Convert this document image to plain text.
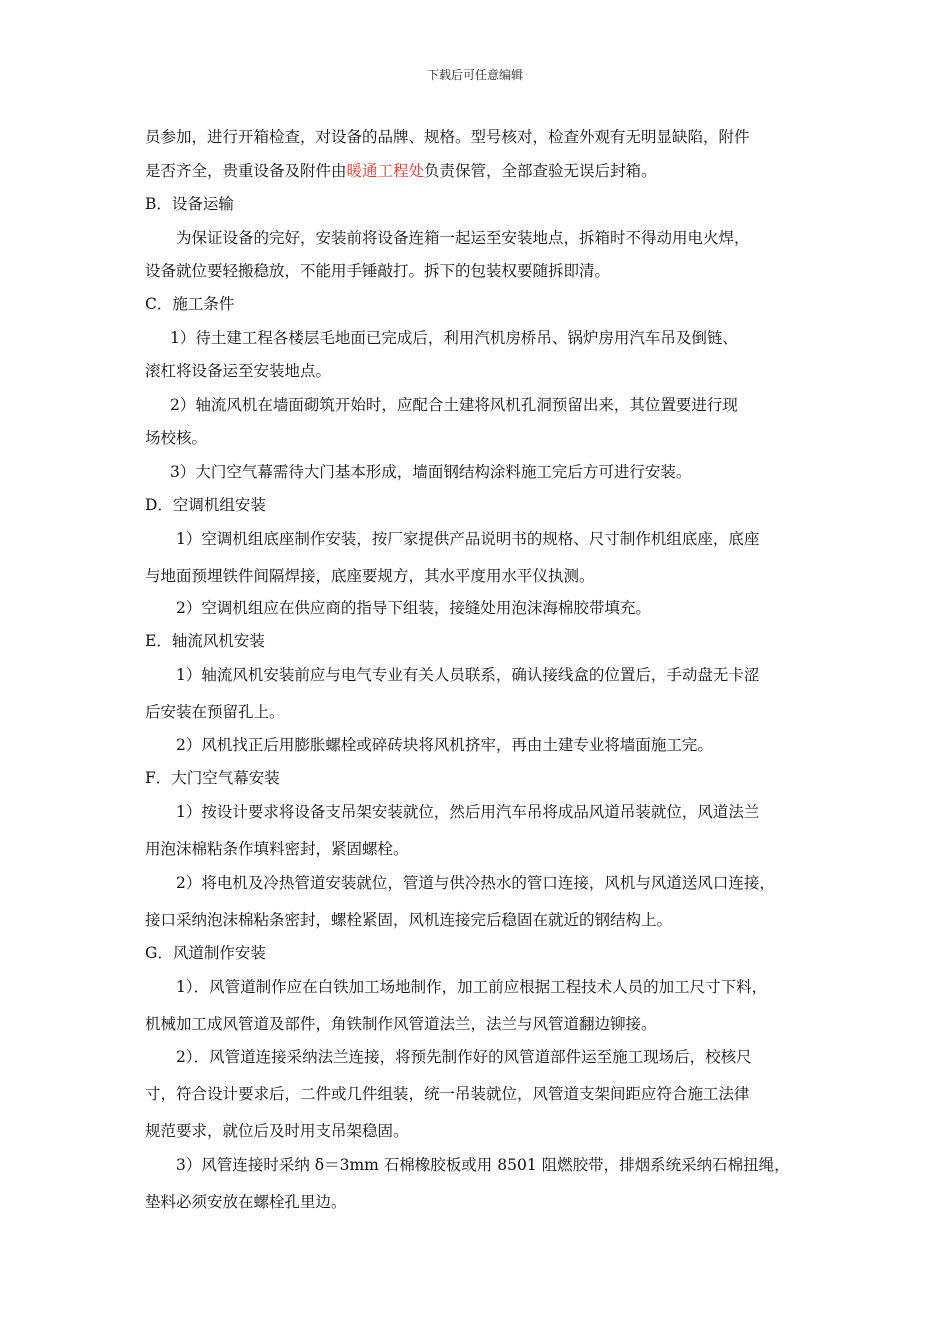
下载后可任意编辑
员参加，进行开箱检查，对设备的品牌、规格。型号核对，检查外观有无明显缺陷，附件
是否齐全，贵重设备及附件由暖通工程处负责保管，全部查验无误后封箱。
B．设备运输
为保证设备的完好，安装前将设备连箱一起运至安装地点，拆箱时不得动用电火焊，
设备就位要轻搬稳放，不能用手锤敲打。拆下的包装权要随拆即清。
C．施工条件
1）待土建工程各楼层毛地面已完成后，利用汽机房桥吊、锅炉房用汽车吊及倒链、
滚杠将设备运至安装地点。
2）轴流风机在墙面砌筑开始时，应配合土建将风机孔洞预留出来，其位置要进行现
场校核。
3）大门空气幕需待大门基本形成，墙面钢结构涂料施工完后方可进行安装。
D．空调机组安装
1）空调机组底座制作安装，按厂家提供产品说明书的规格、尺寸制作机组底座，底座
与地面预埋铁件间隔焊接，底座要规方，其水平度用水平仪执测。
2）空调机组应在供应商的指导下组装，接缝处用泡沫海棉胶带填充。
E．轴流风机安装
1）轴流风机安装前应与电气专业有关人员联系，确认接线盒的位置后，手动盘无卡涩
后安装在预留孔上。
2）风机找正后用膨胀螺栓或碎砖块将风机挤牢，再由土建专业将墙面施工完。
F．大门空气幕安装
1）按设计要求将设备支吊架安装就位，然后用汽车吊将成品风道吊装就位，风道法兰
用泡沫棉粘条作填料密封，紧固螺栓。
2）将电机及冷热管道安装就位，管道与供冷热水的管口连接，风机与风道送风口连接，
接口采纳泡沫棉粘条密封，螺栓紧固，风机连接完后稳固在就近的钢结构上。
G．风道制作安装
1）．风管道制作应在白铁加工场地制作，加工前应根据工程技术人员的加工尺寸下料，
机械加工成风管道及部件，角铁制作风管道法兰，法兰与风管道翻边铆接。
2）．风管道连接采纳法兰连接，将预先制作好的风管道部件运至施工现场后，校核尺
寸，符合设计要求后，二件或几件组装，统一吊装就位，风管道支架间距应符合施工法律
规范要求，就位后及时用支吊架稳固。
3）风管连接时采纳 δ＝3mm 石棉橡胶板或用 8501 阻燃胶带，排烟系统采纳石棉扭绳，
垫料必须安放在螺栓孔里边。
